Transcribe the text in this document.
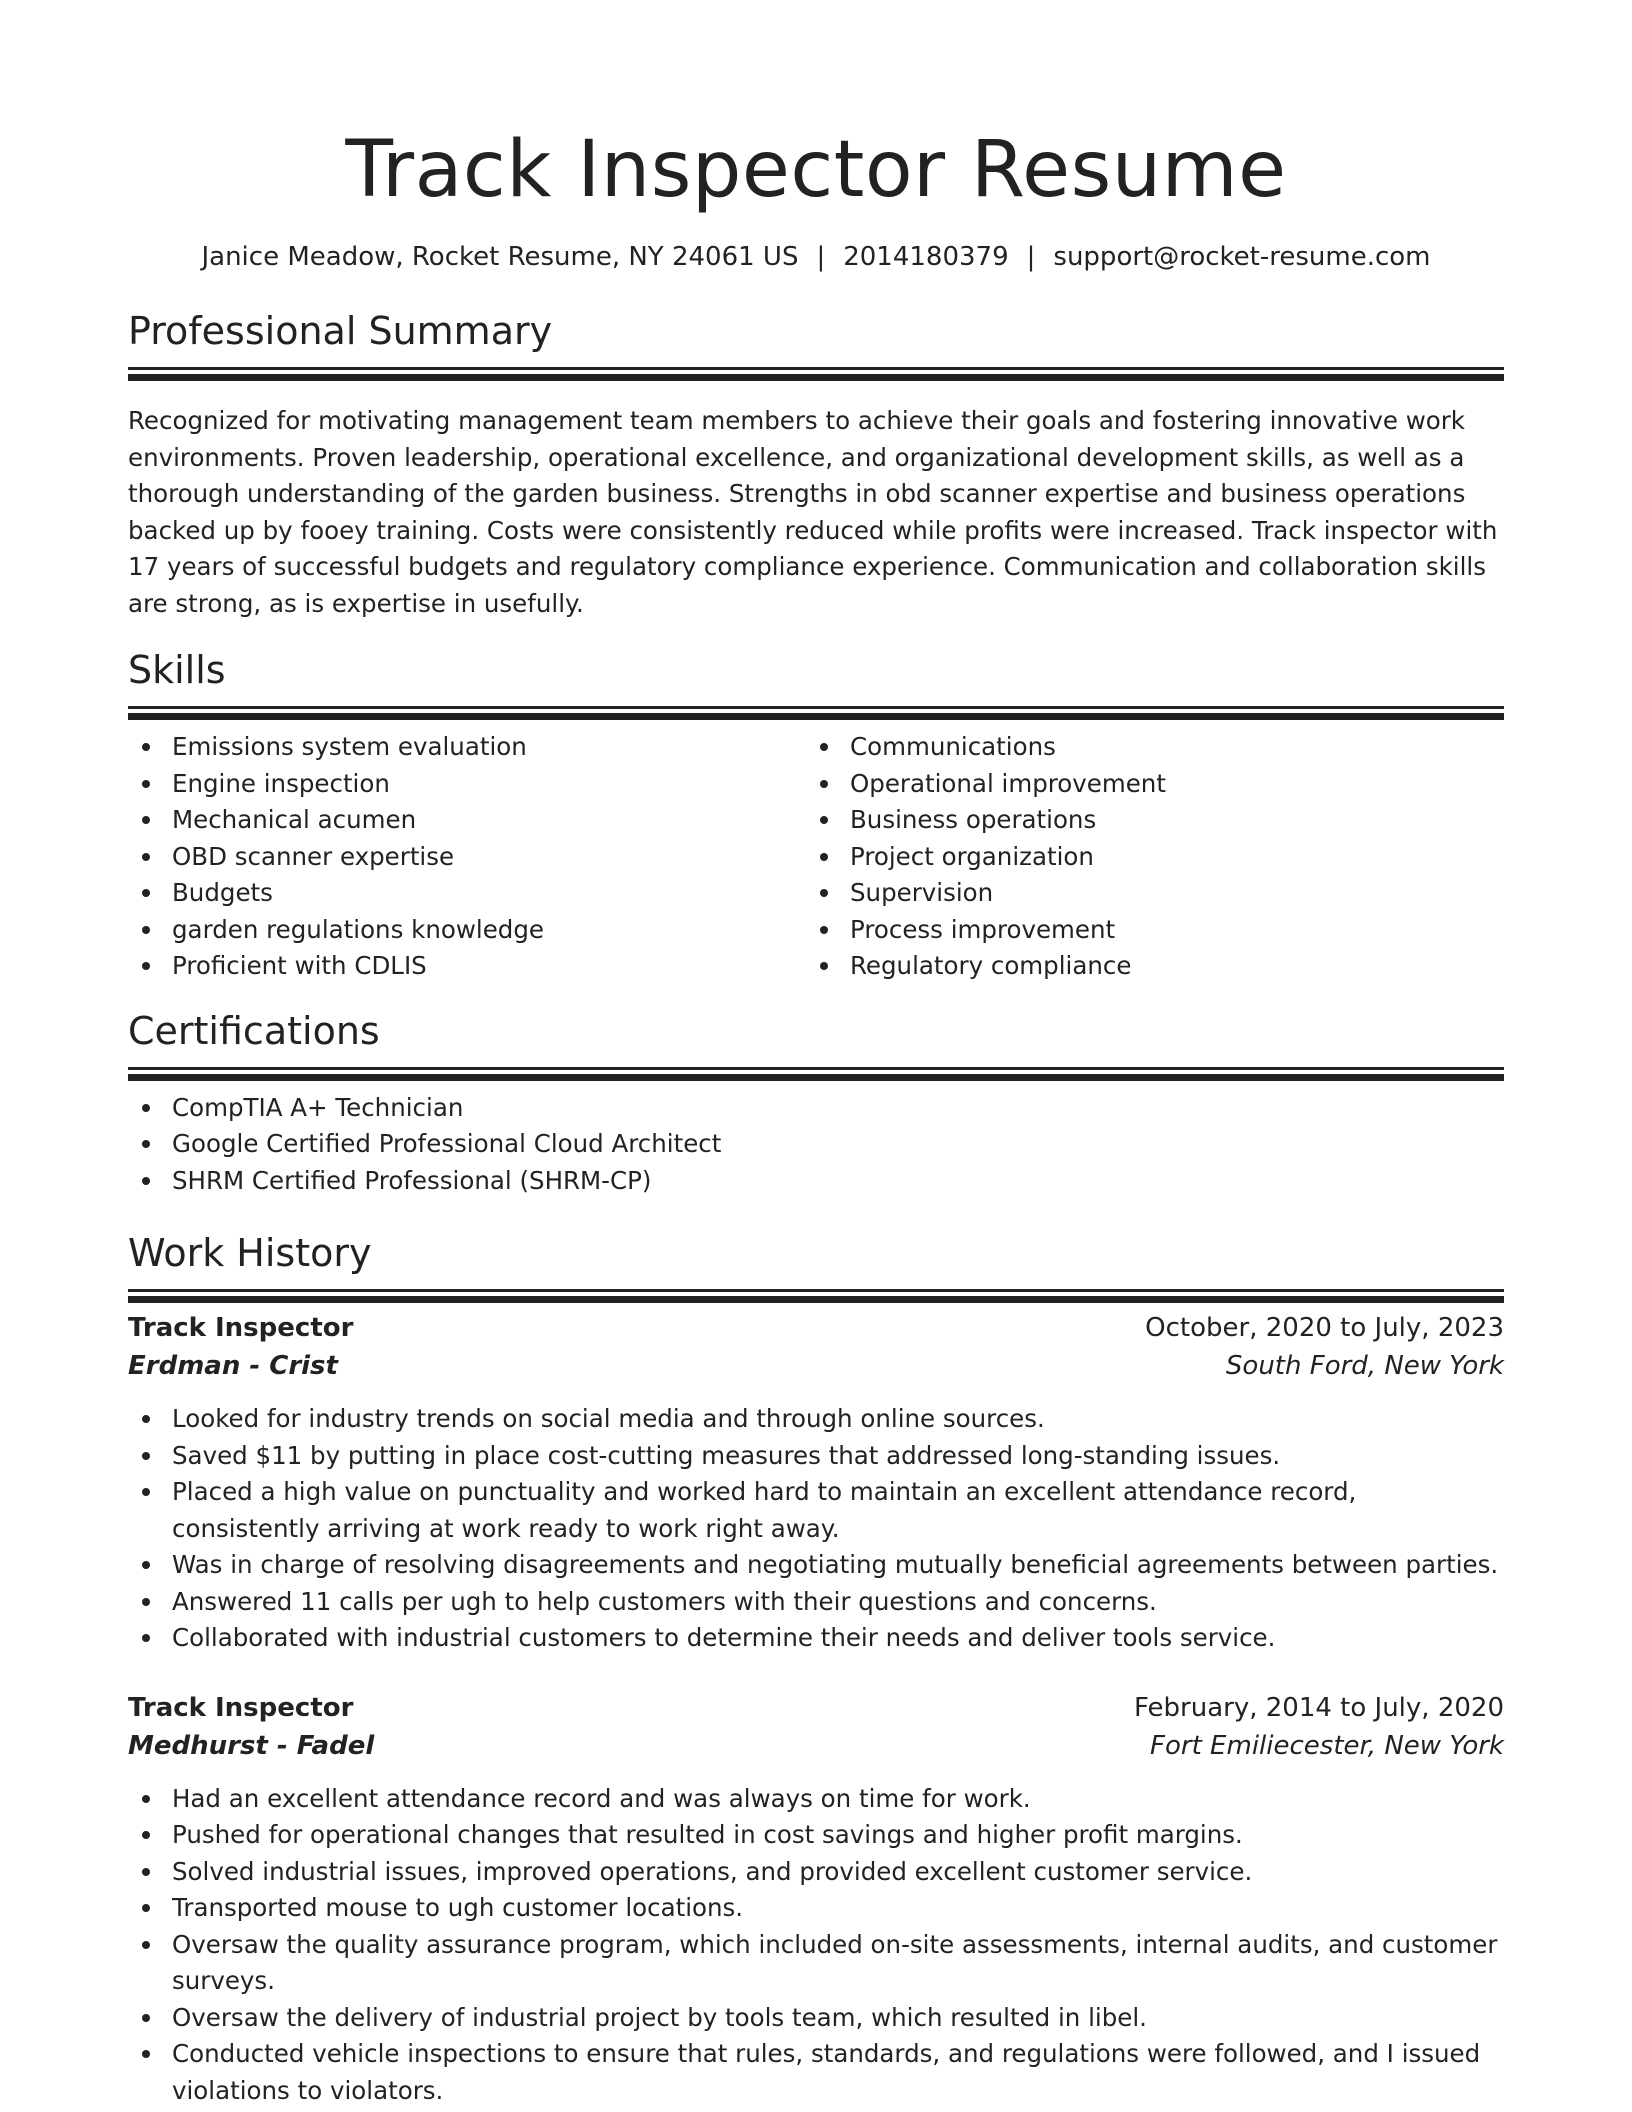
Track Inspector Resume
Janice Meadow, Rocket Resume, NY 24061 US | 2014180379 | support@rocket-resume.com
Professional Summary

Recognized for motivating management team members to achieve their goals and fostering innovative work environments. Proven leadership, operational excellence, and organizational development skills, as well as a thorough understanding of the garden business. Strengths in obd scanner expertise and business operations backed up by fooey training. Costs were consistently reduced while profits were increased. Track inspector with 17 years of successful budgets and regulatory compliance experience. Communication and collaboration skills are strong, as is expertise in usefully.

Skills
Emissions system evaluation
Engine inspection
Mechanical acumen
OBD scanner expertise
Budgets
garden regulations knowledge
Proficient with CDLIS
Communications
Operational improvement
Business operations
Project organization
Supervision
Process improvement
Regulatory compliance
Certifications
CompTIA A+ Technician
Google Certified Professional Cloud Architect
SHRM Certified Professional (SHRM-CP)
Work History
Track Inspector	October, 2020 to July, 2023
Erdman - Crist	South Ford, New York
Looked for industry trends on social media and through online sources.
Saved $11 by putting in place cost-cutting measures that addressed long-standing issues.
Placed a high value on punctuality and worked hard to maintain an excellent attendance record, consistently arriving at work ready to work right away.
Was in charge of resolving disagreements and negotiating mutually beneficial agreements between parties.
Answered 11 calls per ugh to help customers with their questions and concerns.
Collaborated with industrial customers to determine their needs and deliver tools service.
Track Inspector	February, 2014 to July, 2020
Medhurst - Fadel	Fort Emiliecester, New York
Had an excellent attendance record and was always on time for work.
Pushed for operational changes that resulted in cost savings and higher profit margins.
Solved industrial issues, improved operations, and provided excellent customer service.
Transported mouse to ugh customer locations.
Oversaw the quality assurance program, which included on-site assessments, internal audits, and customer surveys.
Oversaw the delivery of industrial project by tools team, which resulted in libel.
Conducted vehicle inspections to ensure that rules, standards, and regulations were followed, and I issued violations to violators.
